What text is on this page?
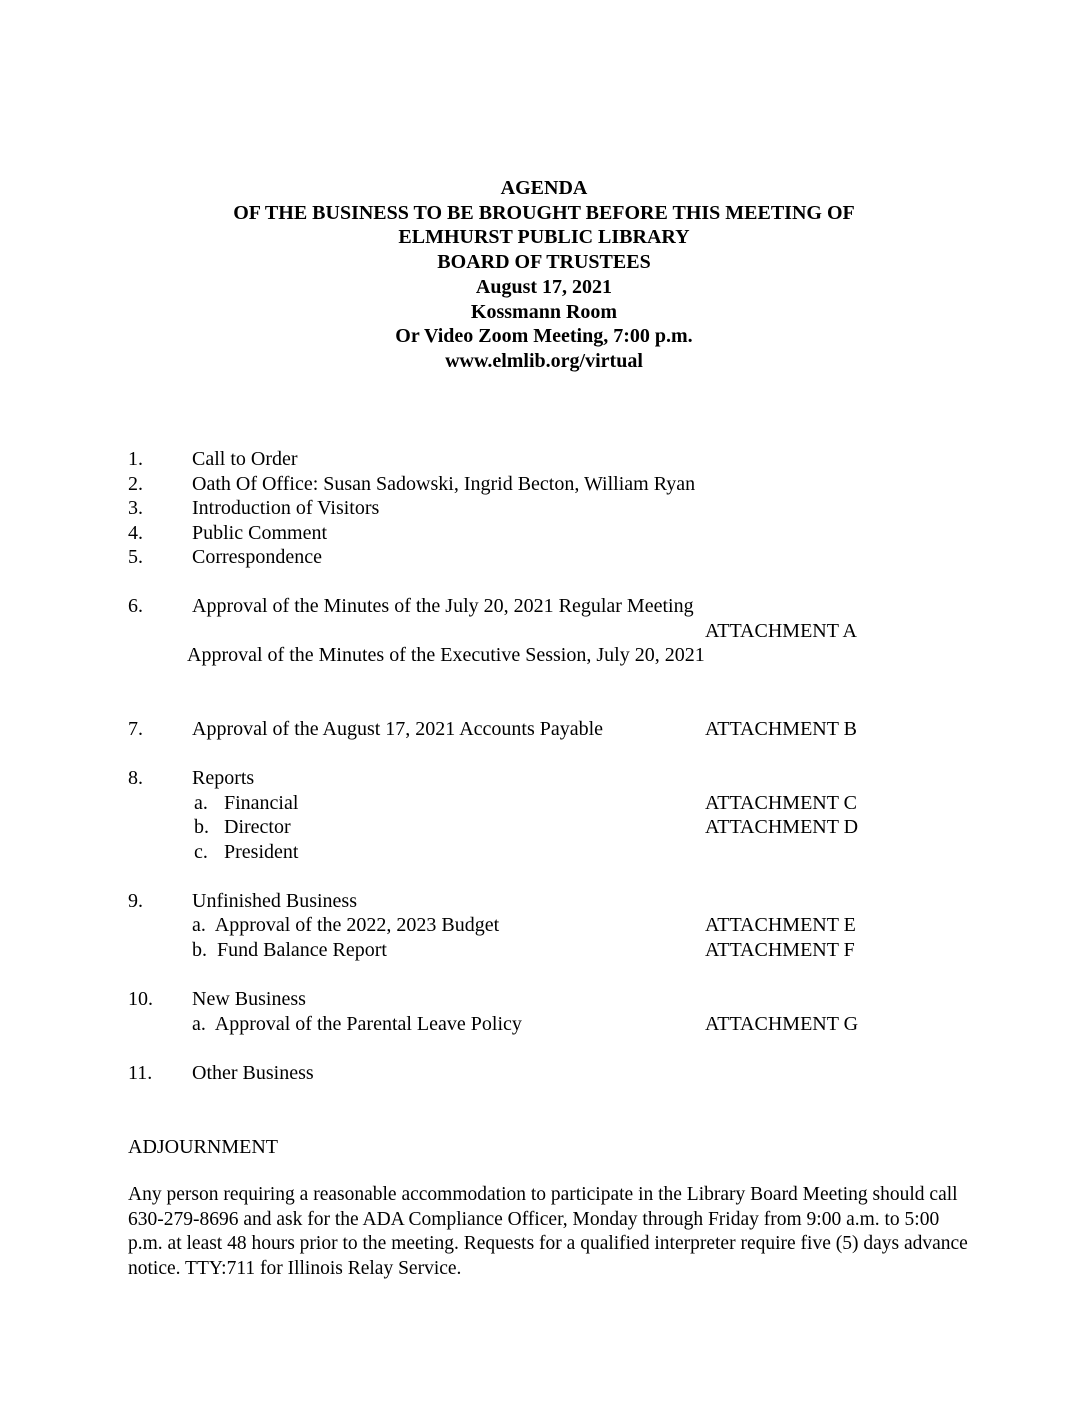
AGENDA
OF THE BUSINESS TO BE BROUGHT BEFORE THIS MEETING OF
ELMHURST PUBLIC LIBRARY
BOARD OF TRUSTEES
August 17, 2021
Kossmann Room
Or Video Zoom Meeting, 7:00 p.m.
www.elmlib.org/virtual
1. Call to Order
2. Oath Of Office: Susan Sadowski, Ingrid Becton, William Ryan
3. Introduction of Visitors
4. Public Comment
5. Correspondence
6. Approval of the Minutes of the July 20, 2021 Regular Meeting
ATTACHMENT A
Approval of the Minutes of the Executive Session, July 20, 2021
7. Approval of the August 17, 2021 Accounts Payable	ATTACHMENT B
8. Reports
a. Financial	ATTACHMENT C
b. Director	ATTACHMENT D
c. President
9. Unfinished Business
a.  Approval of the 2022, 2023 Budget	ATTACHMENT E
b.  Fund Balance Report	ATTACHMENT F
10. New Business
a.  Approval of the Parental Leave Policy	ATTACHMENT G
11. Other Business
ADJOURNMENT
Any person requiring a reasonable accommodation to participate in the Library Board Meeting should call 630-279-8696 and ask for the ADA Compliance Officer, Monday through Friday from 9:00 a.m. to 5:00 p.m. at least 48 hours prior to the meeting. Requests for a qualified interpreter require five (5) days advance notice. TTY:711 for Illinois Relay Service.
